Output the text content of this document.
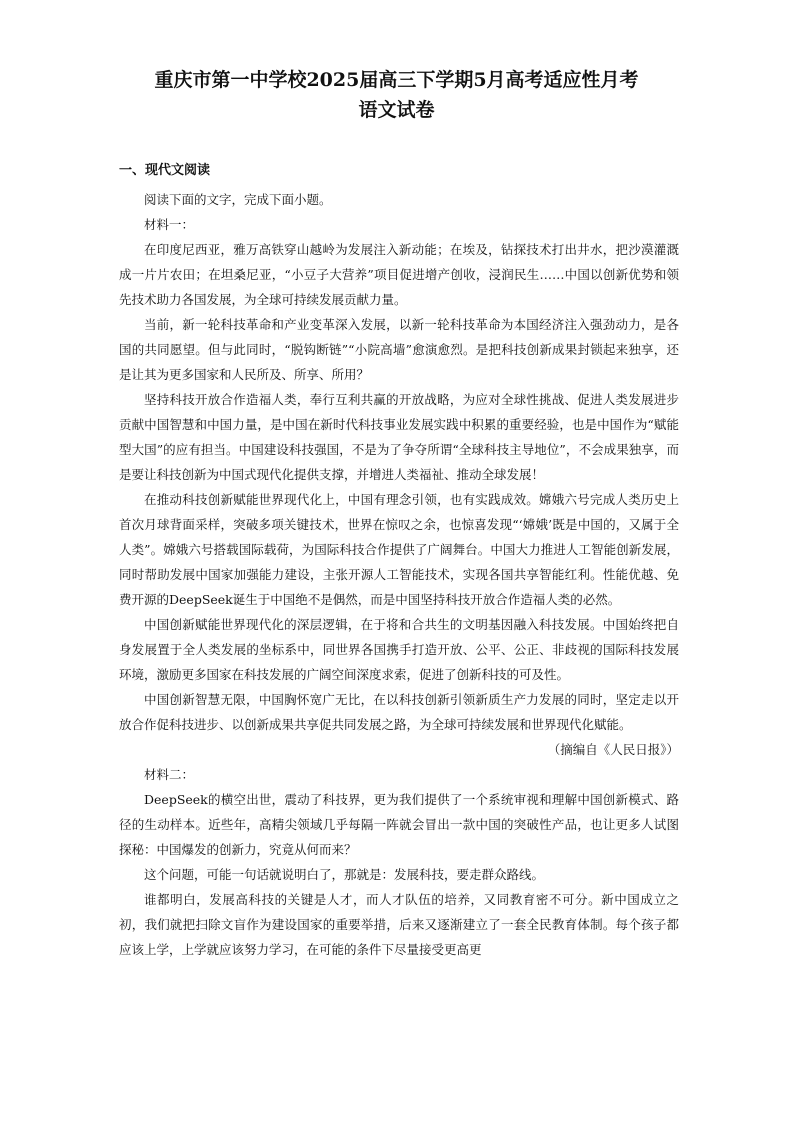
重庆市第一中学校2025届高三下学期5月高考适应性月考
语文试卷
一、现代文阅读

阅读下面的文字，完成下面小题。

材料一：

在印度尼西亚，雅万高铁穿山越岭为发展注入新动能；在埃及，钻探技术打出井水，把沙漠灌溉成一片片农田；在坦桑尼亚，“小豆子大营养”项目促进增产创收，浸润民生……中国以创新优势和领先技术助力各国发展，为全球可持续发展贡献力量。

当前，新一轮科技革命和产业变革深入发展，以新一轮科技革命为本国经济注入强劲动力，是各国的共同愿望。但与此同时，“脱钩断链”“小院高墙”愈演愈烈。是把科技创新成果封锁起来独享，还是让其为更多国家和人民所及、所享、所用？

坚持科技开放合作造福人类，奉行互利共赢的开放战略，为应对全球性挑战、促进人类发展进步贡献中国智慧和中国力量，是中国在新时代科技事业发展实践中积累的重要经验，也是中国作为“赋能型大国”的应有担当。中国建设科技强国，不是为了争夺所谓“全球科技主导地位”，不会成果独享，而是要让科技创新为中国式现代化提供支撑，并增进人类福祉、推动全球发展！

在推动科技创新赋能世界现代化上，中国有理念引领，也有实践成效。嫦娥六号完成人类历史上首次月球背面采样，突破多项关键技术，世界在惊叹之余，也惊喜发现“‘嫦娥’既是中国的，又属于全人类”。嫦娥六号搭载国际载荷，为国际科技合作提供了广阔舞台。中国大力推进人工智能创新发展，同时帮助发展中国家加强能力建设，主张开源人工智能技术，实现各国共享智能红利。性能优越、免费开源的DeepSeek诞生于中国绝不是偶然，而是中国坚持科技开放合作造福人类的必然。

中国创新赋能世界现代化的深层逻辑，在于将和合共生的文明基因融入科技发展。中国始终把自身发展置于全人类发展的坐标系中，同世界各国携手打造开放、公平、公正、非歧视的国际科技发展环境，激励更多国家在科技发展的广阔空间深度求索，促进了创新科技的可及性。

中国创新智慧无限，中国胸怀宽广无比，在以科技创新引领新质生产力发展的同时，坚定走以开放合作促科技进步、以创新成果共享促共同发展之路，为全球可持续发展和世界现代化赋能。

（摘编自《人民日报》）

材料二：

DeepSeek的横空出世，震动了科技界，更为我们提供了一个系统审视和理解中国创新模式、路径的生动样本。近些年，高精尖领域几乎每隔一阵就会冒出一款中国的突破性产品，也让更多人试图探秘：中国爆发的创新力，究竟从何而来？

这个问题，可能一句话就说明白了，那就是：发展科技，要走群众路线。

谁都明白，发展高科技的关键是人才，而人才队伍的培养，又同教育密不可分。新中国成立之初，我们就把扫除文盲作为建设国家的重要举措，后来又逐渐建立了一套全民教育体制。每个孩子都应该上学，上学就应该努力学习，在可能的条件下尽量接受更高更
